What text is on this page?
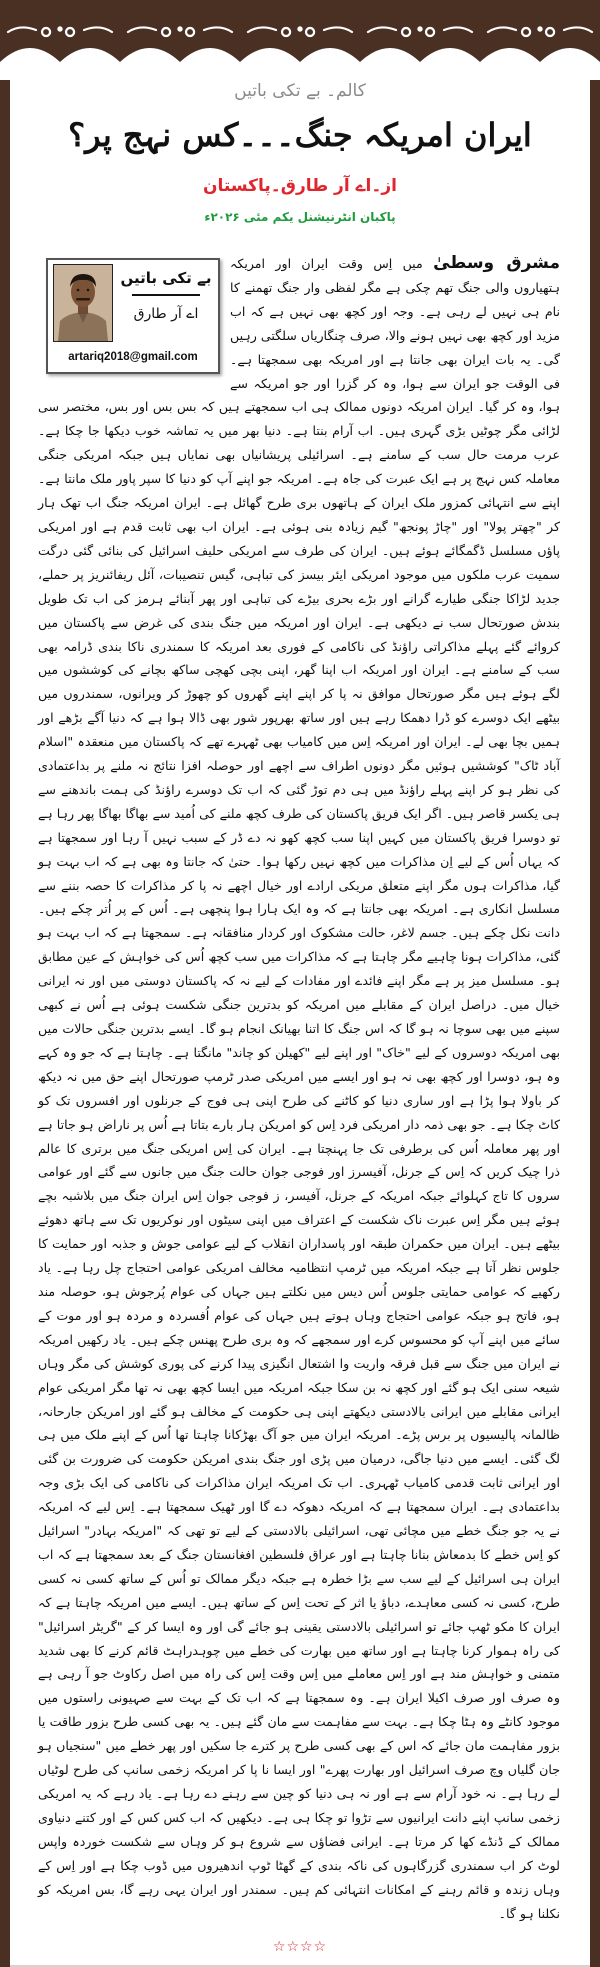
کالم۔ بے تکی باتیں
ایران امریکہ جنگ۔۔۔کس نہج پر؟
از۔اے آر طارق۔پاکستان
پاکبان انٹرنیشنل یکم مئی ۲۰۲۶ء
بے تکی باتیں
اے آر طارق
artariq2018@gmail.com

مشرق وسطیٰ میں اِس وقت ایران اور امریکہ ہتھیاروں والی جنگ تھم چکی ہے مگر لفظی وار جنگ تھمنے کا نام ہی نہیں لے رہی ہے۔ وجہ اور کچھ بھی نہیں ہے کہ اب مزید اور کچھ بھی نہیں ہونے والا، صرف چنگاریاں سلگتی رہیں گی۔ یہ بات ایران بھی جانتا ہے اور امریکہ بھی سمجھتا ہے۔ فی الوقت جو ایران سے ہوا، وہ کر گزرا اور جو امریکہ سے ہوا، وہ کر گیا۔ ایران امریکہ دونوں ممالک ہی اب سمجھتے ہیں کہ بس بس اور بس، مختصر سی لڑائی مگر چوٹیں بڑی گہری ہیں۔ اب آرام بنتا ہے۔ دنیا بھر میں یہ تماشہ خوب دیکھا جا چکا ہے۔ عرب مرمت حال سب کے سامنے ہے۔ اسرائیلی پریشانیاں بھی نمایاں ہیں جبکہ امریکی جنگی معاملہ کس نہج پر ہے ایک عبرت کی جاہ ہے۔ امریکہ جو اپنے آپ کو دنیا کا سپر پاور ملک مانتا ہے۔ اپنے سے انتہائی کمزور ملک ایران کے ہاتھوں بری طرح گھائل ہے۔ ایران امریکہ جنگ اب تھک ہار کر "چھتر پولا" اور "چاڑ پونجھ" گیم زیادہ بنی ہوئی ہے۔ ایران اب بھی ثابت قدم ہے اور امریکی پاؤں مسلسل ڈگمگائے ہوئے ہیں۔ ایران کی طرف سے امریکی حلیف اسرائیل کی بنائی گئی درگت سمیت عرب ملکوں میں موجود امریکی ایئر بیسز کی تباہی، گیس تنصیبات، آئل ریفائنریز پر حملے، جدید لڑاکا جنگی طیارے گرانے اور بڑے بحری بیڑے کی تباہی اور پھر آبنائے ہرمز کی اب تک طویل بندش صورتحال سب نے دیکھی ہے۔ ایران اور امریکہ میں جنگ بندی کی غرض سے پاکستان میں کروائے گئے پہلے مذاکراتی راؤنڈ کی ناکامی کے فوری بعد امریکہ کا سمندری ناکا بندی ڈرامہ بھی سب کے سامنے ہے۔ ایران اور امریکہ اب اپنا گھر، اپنی بچی کھچی ساکھ بچانے کی کوششوں میں لگے ہوئے ہیں مگر صورتحال موافق نہ پا کر اپنے اپنے گھروں کو چھوڑ کر ویرانوں، سمندروں میں بیٹھے ایک دوسرے کو ڈرا دھمکا رہے ہیں اور ساتھ بھرپور شور بھی ڈالا ہوا ہے کہ دنیا آگے بڑھے اور ہمیں بچا بھی لے۔ ایران اور امریکہ اِس میں کامیاب بھی ٹھہرے تھے کہ پاکستان میں منعقدہ "اسلام آباد ٹاک" کوششیں ہوئیں مگر دونوں اطراف سے اچھے اور حوصلہ افزا نتائج نہ ملنے پر بداعتمادی کی نظر ہو کر اپنے پہلے راؤنڈ میں ہی دم توڑ گئی کہ اب تک دوسرے راؤنڈ کی ہمت باندھنے سے ہی یکسر قاصر ہیں۔ اگر ایک فریق پاکستان کی طرف کچھ ملنے کی اُمید سے بھاگا بھاگا پھر رہا ہے تو دوسرا فریق پاکستان میں کہیں اپنا سب کچھ کھو نہ دے ڈر کے سبب نہیں آ رہا اور سمجھتا ہے کہ یہاں اُس کے لیے اِن مذاکرات میں کچھ نہیں رکھا ہوا۔ حتیٰ کہ جانتا وہ بھی ہے کہ اب بہت ہو گیا، مذاکرات ہوں مگر اپنے متعلق مریکی ارادے اور خیال اچھے نہ پا کر مذاکرات کا حصہ بننے سے مسلسل انکاری ہے۔ امریکہ بھی جانتا ہے کہ وہ ایک ہارا ہوا پنچھی ہے۔ اُس کے پر اُتر چکے ہیں۔ دانت نکل چکے ہیں۔ جسم لاغر، حالت مشکوک اور کردار منافقانہ ہے۔ سمجھتا ہے کہ اب بہت ہو گئی، مذاکرات ہونا چاہیے مگر چاہتا ہے کہ مذاکرات میں سب کچھ اُس کی خواہش کے عین مطابق ہو۔ مسلسل میز پر ہے مگر اپنے فائدے اور مفادات کے لیے نہ کہ پاکستان دوستی میں اور نہ ایرانی خیال میں۔ دراصل ایران کے مقابلے میں امریکہ کو بدترین جنگی شکست ہوئی ہے اُس نے کبھی سپنے میں بھی سوچا نہ ہو گا کہ اس جنگ کا اتنا بھیانک انجام ہو گا۔ ایسے بدترین جنگی حالات میں بھی امریکہ دوسروں کے لیے "خاک" اور اپنے لیے "کھیلن کو چاند" مانگتا ہے۔ چاہتا ہے کہ جو وہ کہے وہ ہو، دوسرا اور کچھ بھی نہ ہو اور ایسے میں امریکی صدر ٹرمپ صورتحال اپنے حق میں نہ دیکھ کر باولا ہوا پڑا ہے اور ساری دنیا کو کاٹنے کی طرح اپنی ہی فوج کے جرنلوں اور افسروں تک کو کاٹ چکا ہے۔ جو بھی ذمہ دار امریکی فرد اِس کو امریکن ہار بارے بتاتا ہے اُس پر ناراض ہو جاتا ہے اور پھر معاملہ اُس کی برطرفی تک جا پہنچتا ہے۔ ایران کی اِس امریکی جنگ میں برتری کا عالم ذرا چیک کریں کہ اِس کے جرنل، آفیسرز اور فوجی جوان حالت جنگ میں جانوں سے گئے اور عوامی سروں کا تاج کہلوائے جبکہ امریکہ کے جرنل، آفیسر، ز فوجی جوان اِس ایران جنگ میں بلاشبہ بچے ہوئے ہیں مگر اِس عبرت ناک شکست کے اعتراف میں اپنی سیٹوں اور نوکریوں تک سے ہاتھ دھوئے بیٹھے ہیں۔ ایران میں حکمران طبقہ اور پاسداران انقلاب کے لیے عوامی جوش و جذبہ اور حمایت کا جلوس نظر آتا ہے جبکہ امریکہ میں ٹرمپ انتظامیہ مخالف امریکی عوامی احتجاج چل رہا ہے۔ یاد رکھیے کہ عوامی حمایتی جلوس اُس دیس میں نکلتے ہیں جہاں کی عوام پُرجوش ہو، حوصلہ مند ہو، فاتح ہو جبکہ عوامی احتجاج وہاں ہوتے ہیں جہاں کی عوام اُفسردہ و مردہ ہو اور موت کے سائے میں اپنے آپ کو محسوس کرے اور سمجھے کہ وہ بری طرح پھنس چکے ہیں۔ یاد رکھیں امریکہ نے ایران میں جنگ سے قبل فرقہ واریت وا اشتعال انگیزی پیدا کرنے کی پوری کوشش کی مگر وہاں شیعہ سنی ایک ہو گئے اور کچھ نہ بن سکا جبکہ امریکہ میں ایسا کچھ بھی نہ تھا مگر امریکی عوام ایرانی مقابلے میں ایرانی بالادستی دیکھتے اپنی ہی حکومت کے مخالف ہو گئے اور امریکن جارحانہ، ظالمانہ پالیسیوں پر برس پڑے۔ امریکہ ایران میں جو آگ بھڑکانا چاہتا تھا اُس کے اپنے ملک میں ہی لگ گئی۔ ایسے میں دنیا جاگی، درمیان میں پڑی اور جنگ بندی امریکن حکومت کی ضرورت بن گئی اور ایرانی ثابت قدمی کامیاب ٹھہری۔ اب تک امریکہ ایران مذاکرات کی ناکامی کی ایک بڑی وجہ بداعتمادی ہے۔ ایران سمجھتا ہے کہ امریکہ دھوکہ دے گا اور ٹھیک سمجھتا ہے۔ اِس لیے کہ امریکہ نے یہ جو جنگ خطے میں مچائی تھی، اسرائیلی بالادستی کے لیے تو تھی کہ "امریکہ بہادر" اسرائیل کو اِس خطے کا بدمعاش بنانا چاہتا ہے اور عراق فلسطین افغانستان جنگ کے بعد سمجھتا ہے کہ اب ایران ہی اسرائیل کے لیے سب سے بڑا خطرہ ہے جبکہ دیگر ممالک تو اُس کے ساتھ کسی نہ کسی طرح، کسی نہ کسی معاہدے، دباؤ یا اثر کے تحت اِس کے ساتھ ہیں۔ ایسے میں امریکہ چاہتا ہے کہ ایران کا مکو ٹھپ جائے تو اسرائیلی بالادستی یقینی ہو جائے گی اور وہ ایسا کر کے "گریٹر اسرائیل" کی راہ ہموار کرنا چاہتا ہے اور ساتھ میں بھارت کی خطے میں چوہدراہٹ قائم کرنے کا بھی شدید متمنی و خواہش مند ہے اور اِس معاملے میں اِس وقت اِس کی راہ میں اصل رکاوٹ جو آ رہی ہے وہ صرف اور صرف اکیلا ایران ہے۔ وہ سمجھتا ہے کہ اب تک کے بہت سے صہیونی راستوں میں موجود کانٹے وہ ہٹا چکا ہے۔ بہت سے مفاہمت سے مان گئے ہیں۔ یہ بھی کسی طرح بزور طاقت یا بزور مفاہمت مان جائے کہ اس کے بھی کسی طرح پر کترے جا سکیں اور پھر خطے میں "سنجیاں ہو جان گلیاں وچ صرف اسرائیل اور بھارت پھرے" اور ایسا نا پا کر امریکہ زخمی سانپ کی طرح لوٹیاں لے رہا ہے۔ نہ خود آرام سے ہے اور نہ ہی دنیا کو چین سے رہنے دے رہا ہے۔ یاد رہے کہ یہ امریکی زخمی سانپ اپنے دانت ایرانیوں سے تڑوا تو چکا ہی ہے۔ دیکھیں کہ اب کس کس کے اور کتنے دنیاوی ممالک کے ڈنڈے کھا کر مرتا ہے۔ ایرانی فضاؤں سے شروع ہو کر وہاں سے شکست خوردہ واپس لوٹ کر اب سمندری گزرگاہوں کی ناکہ بندی کے گھٹا ٹوپ اندھیروں میں ڈوب چکا ہے اور اِس کے وہاں زندہ و قائم رہنے کے امکانات انتہائی کم ہیں۔ سمندر اور ایران یہی رہے گا، بس امریکہ کو نکلنا ہو گا۔

☆☆☆☆
